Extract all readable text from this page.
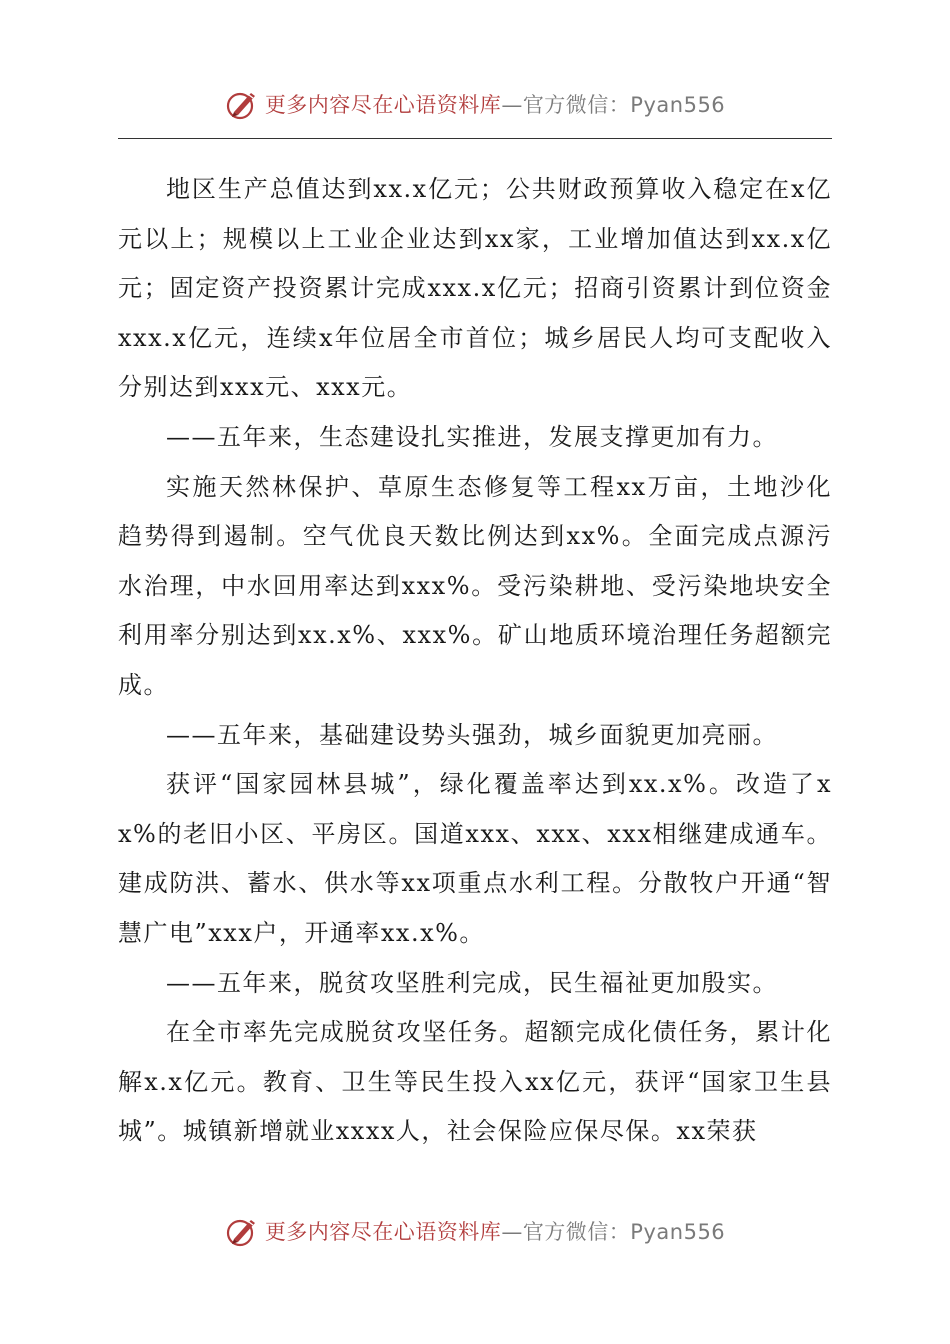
更多内容尽在心语资料库—官方微信：Pyan556

地区生产总值达到xx.x亿元；公共财政预算收入稳定在x亿元以上；规模以上工业企业达到xx家，工业增加值达到xx.x亿元；固定资产投资累计完成xxx.x亿元；招商引资累计到位资金xxx.x亿元，连续x年位居全市首位；城乡居民人均可支配收入分别达到xxx元、xxx元。

——五年来，生态建设扎实推进，发展支撑更加有力。

实施天然林保护、草原生态修复等工程xx万亩，土地沙化趋势得到遏制。空气优良天数比例达到xx%。全面完成点源污水治理，中水回用率达到xxx%。受污染耕地、受污染地块安全利用率分别达到xx.x%、xxx%。矿山地质环境治理任务超额完成。

——五年来，基础建设势头强劲，城乡面貌更加亮丽。

获评“国家园林县城”，绿化覆盖率达到xx.x%。改造了xx%的老旧小区、平房区。国道xxx、xxx、xxx相继建成通车。建成防洪、蓄水、供水等xx项重点水利工程。分散牧户开通“智慧广电”xxx户，开通率xx.x%。

——五年来，脱贫攻坚胜利完成，民生福祉更加殷实。

在全市率先完成脱贫攻坚任务。超额完成化债任务，累计化解x.x亿元。教育、卫生等民生投入xx亿元，获评“国家卫生县城”。城镇新增就业xxxx人，社会保险应保尽保。xx荣获

更多内容尽在心语资料库—官方微信：Pyan556
